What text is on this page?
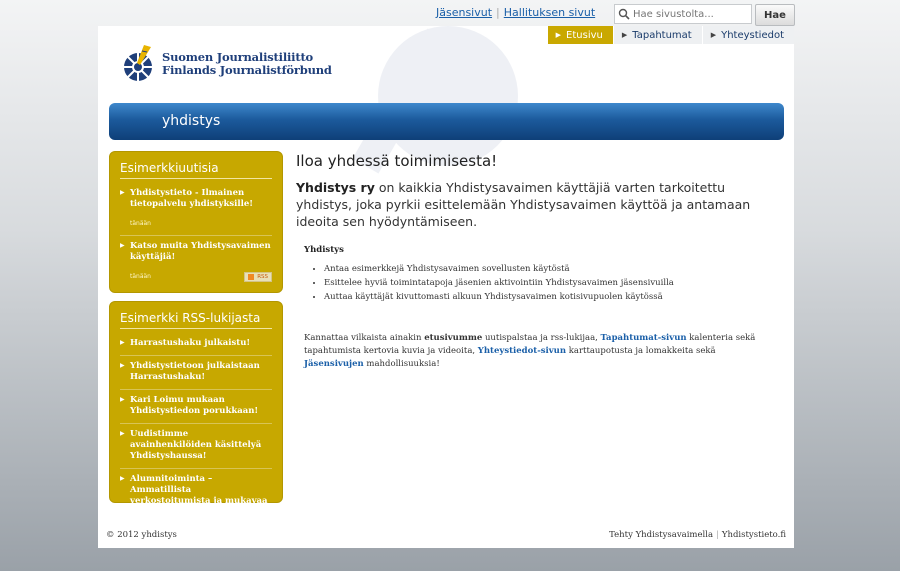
Jäsensivut | Hallituksen sivut
Hae sivustolta...	Hae
▶ Etusivu	▶ Tapahtumat	▶ Yhteystiedot
Suomen Journalistiliitto
Finlands Journalistförbund
yhdistys
Esimerkkiuutisia
▶ Yhdistystieto - Ilmainen tietopalvelu yhdistyksille!
tänään
▶ Katso muita Yhdistysavaimen käyttäjiä!
tänään	RSS
Esimerkki RSS-lukijasta
▶ Harrastushaku julkaistu!
▶ Yhdistystietoon julkaistaan Harrastushaku!
▶ Kari Loimu mukaan Yhdistystiedon porukkaan!
▶ Uudistimme avainhenkilöiden käsittelyä Yhdistyshaussa!
▶ Alumnitoiminta – Ammatillista verkostoitumista ja mukavaa yhdessäoloa
Iloa yhdessä toimimisesta!

Yhdistys ry on kaikkia Yhdistysavaimen käyttäjiä varten tarkoitettu yhdistys, joka pyrkii esittelemään Yhdistysavaimen käyttöä ja antamaan ideoita sen hyödyntämiseen.

Yhdistys
• Antaa esimerkkejä Yhdistysavaimen sovellusten käytöstä
• Esittelee hyviä toimintatapoja jäsenien aktivointiin Yhdistysavaimen jäsensivuilla
• Auttaa käyttäjät kivuttomasti alkuun Yhdistysavaimen kotisivupuolen käytössä

Kannattaa vilkaista ainakin etusivumme uutispalstaa ja rss-lukijaa, Tapahtumat-sivun kalenteria sekä tapahtumista kertovia kuvia ja videoita, Yhteystiedot-sivun karttaupotusta ja lomakkeita sekä Jäsensivujen mahdollisuuksia!

© 2012 yhdistys	Tehty Yhdistysavaimella | Yhdistystieto.fi
